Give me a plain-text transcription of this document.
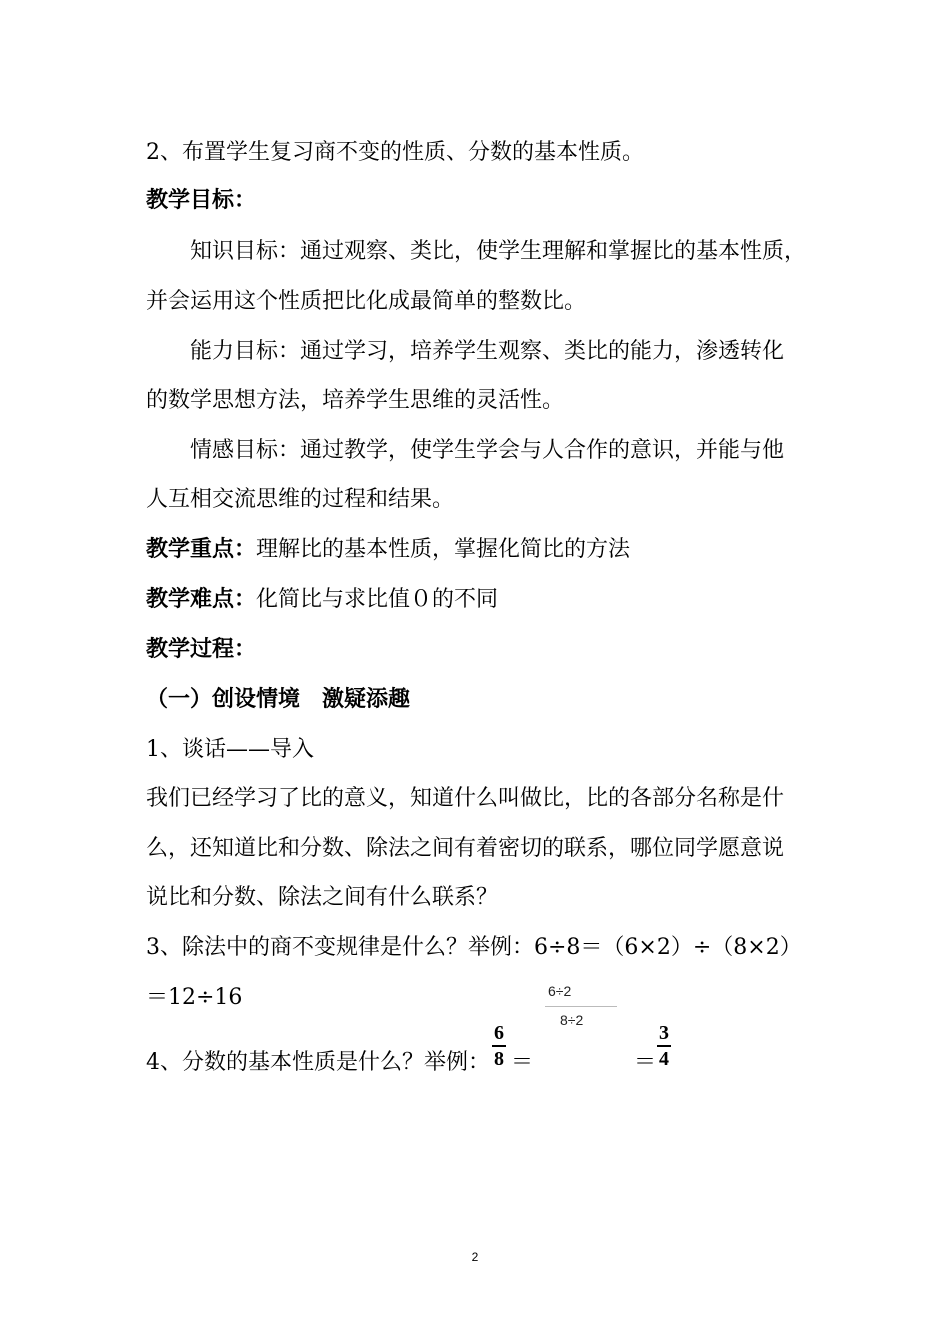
2、布置学生复习商不变的性质、分数的基本性质。
教学目标：
知识目标：通过观察、类比，使学生理解和掌握比的基本性质，
并会运用这个性质把比化成最简单的整数比。
能力目标：通过学习，培养学生观察、类比的能力，渗透转化
的数学思想方法，培养学生思维的灵活性。
情感目标：通过教学，使学生学会与人合作的意识，并能与他
人互相交流思维的过程和结果。
教学重点：理解比的基本性质，掌握化简比的方法
教学难点：化简比与求比值０的不同
教学过程：
（一）创设情境　激疑添趣
1、谈话——导入
我们已经学习了比的意义，知道什么叫做比，比的各部分名称是什
么，还知道比和分数、除法之间有着密切的联系，哪位同学愿意说
说比和分数、除法之间有什么联系？
3、除法中的商不变规律是什么？举例：6÷8＝（6×2）÷（8×2）
＝12÷16	6÷2
8÷2
4、分数的基本性质是什么？举例：
6
8 ＝	＝
3
4
2
